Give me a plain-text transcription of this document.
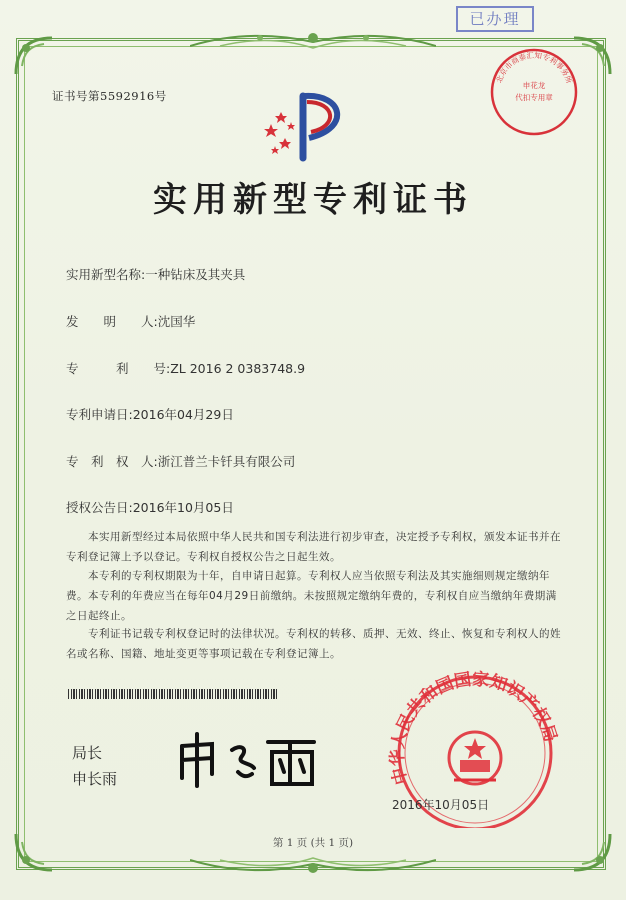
已办理
证书号第5592916号
北京市商泰汇知专利事务所
申花龙
代扣专用章
实用新型专利证书
实用新型名称:一种钻床及其夹具
发　　明　　人:沈国华
专　　　利　　号:ZL 2016 2 0383748.9
专利申请日:2016年04月29日
专　利　权　人:浙江普兰卡钎具有限公司
授权公告日:2016年10月05日
本实用新型经过本局依照中华人民共和国专利法进行初步审查，决定授予专利权，颁发本证书并在专利登记簿上予以登记。专利权自授权公告之日起生效。
本专利的专利权期限为十年，自申请日起算。专利权人应当依照专利法及其实施细则规定缴纳年费。本专利的年费应当在每年04月29日前缴纳。未按照规定缴纳年费的，专利权自应当缴纳年费期满之日起终止。
专利证书记载专利权登记时的法律状况。专利权的转移、质押、无效、终止、恢复和专利权人的姓名或名称、国籍、地址变更等事项记载在专利登记簿上。
局长
申长雨	中华人民共和国国家知识产权局
2016年10月05日
第 1 页 (共 1 页)
